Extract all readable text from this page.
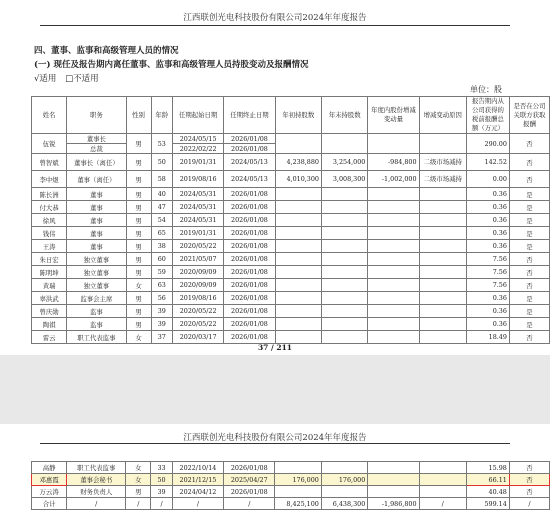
江西联创光电科技股份有限公司2024年年度报告
四、董事、监事和高级管理人员的情况
(一) 现任及报告期内离任董事、监事和高级管理人员持股变动及报酬情况
√适用 □不适用
单位：股
姓名	职务	性别	年龄	任期起始日期	任期终止日期	年初持股数	年末持股数	年度内股份增减变动量	增减变动原因	报告期内从公司获得的税前报酬总额（万元）	是否在公司关联方获取报酬
伍锐	董事长	男	53	2024/05/15	2026/01/08					290.00	否
	总裁			2022/02/22	2026/01/08						
曾智斌	董事长（离任）	男	50	2019/01/31	2024/05/13	4,238,880	3,254,000	-984,800	二级市场减持	142.52	否
李中煜	董事（离任）	男	58	2019/08/16	2024/05/13	4,010,300	3,008,300	-1,002,000	二级市场减持	0.00	否
陈长洲	董事	男	40	2024/05/31	2026/01/08					0.36	是
付大恭	董事	男	47	2024/05/31	2026/01/08					0.36	是
徐风	董事	男	54	2024/05/31	2026/01/08					0.36	是
钱伟	董事	男	65	2019/01/31	2026/01/08					0.36	是
王涛	董事	男	38	2020/05/22	2026/01/08					0.36	是
朱日宏	独立董事	男	60	2021/05/07	2026/01/08					7.56	否
陈明坤	独立董事	男	59	2020/09/09	2026/01/08					7.56	否
黄瑞	独立董事	女	63	2020/09/09	2026/01/08					7.56	否
辜洪武	监事会主席	男	56	2019/08/16	2026/01/08					0.36	是
曾庆勋	监事	男	39	2020/05/22	2026/01/08					0.36	是
陶祺	监事	男	39	2020/05/22	2026/01/08					0.36	是
雷云	职工代表监事	女	37	2020/03/17	2026/01/08					18.49	否
37 / 211
江西联创光电科技股份有限公司2024年年度报告
高静	职工代表监事	女	33	2022/10/14	2026/01/08					15.98	否
邓惠霞	董事会秘书	女	50	2021/12/15	2025/04/27	176,000	176,000			66.11	否
万云涛	财务负责人	男	39	2024/04/12	2026/01/08					40.48	否
合计	/	/	/	/	/	8,425,100	6,438,300	-1,986,800	/	599.14	/
